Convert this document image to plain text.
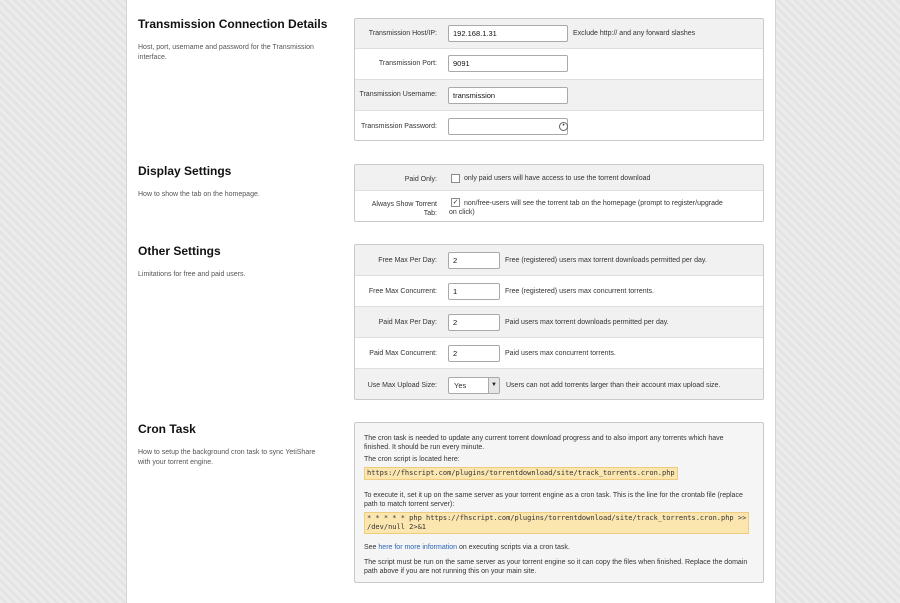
Transmission Connection Details
Host, port, username and password for the Transmission interface.
Transmission Host/IP:	192.168.1.31	Exclude http:// and any forward slashes
Transmission Port:	9091
Transmission Username:	transmission
Transmission Password:	•
Display Settings
How to show the tab on the homepage.
Paid Only:	only paid users will have access to use the torrent download
Always Show Torrent
Tab:
✓ non/free-users will see the torrent tab on the homepage (prompt to register/upgrade
on click)
Other Settings
Limitations for free and paid users.
Free Max Per Day:	2	Free (registered) users max torrent downloads permitted per day.
Free Max Concurrent:	1	Free (registered) users max concurrent torrents.
Paid Max Per Day:	2	Paid users max torrent downloads permitted per day.
Paid Max Concurrent:	2	Paid users max concurrent torrents.
Use Max Upload Size:	Yes	▼ Users can not add torrents larger than their account max upload size.
Cron Task
How to setup the background cron task to sync YetiShare with your torrent engine.
The cron task is needed to update any current torrent download progress and to also import any torrents which have
finished. It should be run every minute.
The cron script is located here:
https://fhscript.com/plugins/torrentdownload/site/track_torrents.cron.php
To execute it, set it up on the same server as your torrent engine as a cron task. This is the line for the crontab file (replace
path to match torrent server):
* * * * * php https://fhscript.com/plugins/torrentdownload/site/track_torrents.cron.php >>
/dev/null 2>&1
See here for more information on executing scripts via a cron task.
The script must be run on the same server as your torrent engine so it can copy the files when finished. Replace the domain
path above if you are not running this on your main site.
